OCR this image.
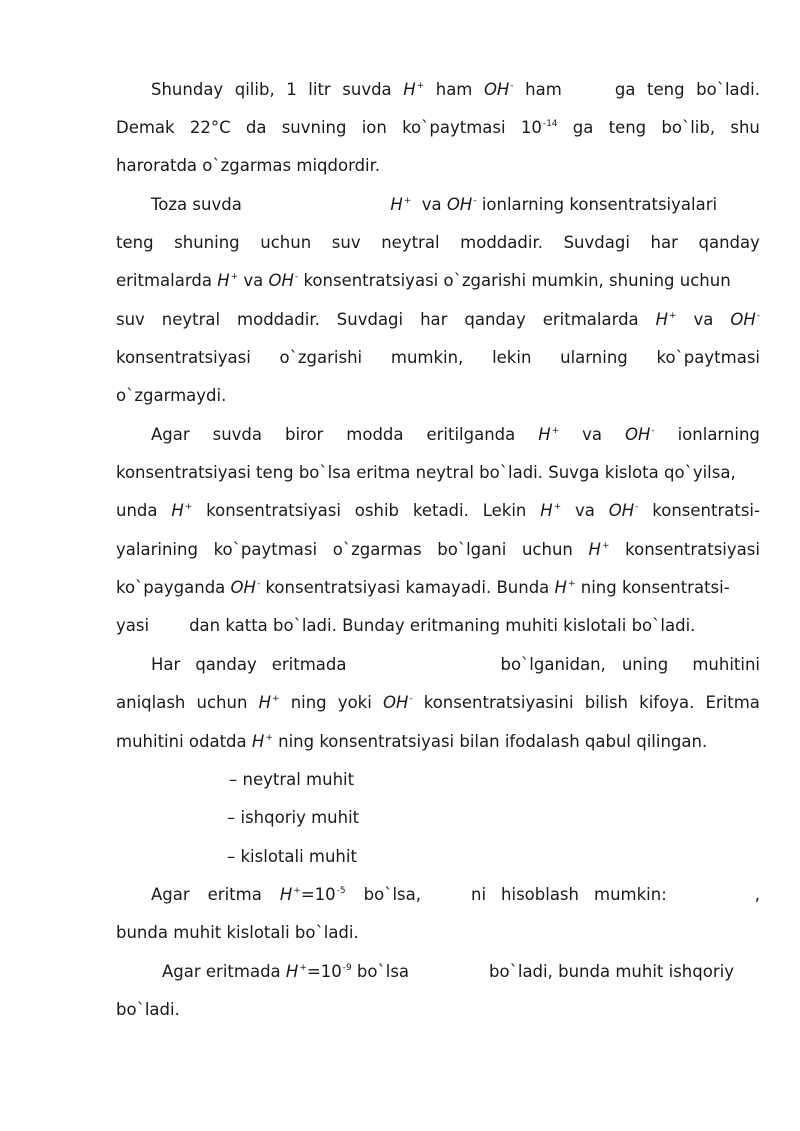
Shunday qilib, 1 litr suvda H+ ham OH- ham	ga teng bo`ladi.
Demak 22°C da suvning ion ko`paytmasi $10^{-14}$ ga teng bo`lib, shu
haroratda o`zgarmas miqdordir.
Toza suvda	H+ va OH- ionlarning konsentratsiyalari
teng shuning uchun suv neytral moddadir. Suvdagi har qanday
eritmalarda H+ va OH- konsentratsiyasi o`zgarishi mumkin, shuning uchun
suv neytral moddadir. Suvdagi har qanday eritmalarda H+ va OH-
konsentratsiyasi o`zgarishi mumkin, lekin ularning ko`paytmasi
o`zgarmaydi.
Agar suvda biror modda eritilganda H+ va OH- ionlarning
konsentratsiyasi teng bo`lsa eritma neytral bo`ladi. Suvga kislota qo`yilsa,
unda H+ konsentratsiyasi oshib ketadi. Lekin H+ va OH- konsentratsi-
yalarining ko`paytmasi o`zgarmas bo`lgani uchun H+ konsentratsiyasi
ko`payganda OH- konsentratsiyasi kamayadi. Bunda H+ ning konsentratsi-
yasi dan katta bo`ladi. Bunday eritmaning muhiti kislotali bo`ladi.
Har qanday eritmada	bo`lganidan, uning muhitini
aniqlash uchun H+ ning yoki OH- konsentratsiyasini bilish kifoya. Eritma
muhitini odatda H+ ning konsentratsiyasi bilan ifodalash qabul qilingan.
– neytral muhit
– ishqoriy muhit
– kislotali muhit
Agar eritma $H^+=10^{-5}$ bo`lsa,	ni hisoblash mumkin:	,
bunda muhit kislotali bo`ladi.
Agar eritmada $H^+=10^{-9}$ bo`lsa	bo`ladi, bunda muhit ishqoriy
bo`ladi.
